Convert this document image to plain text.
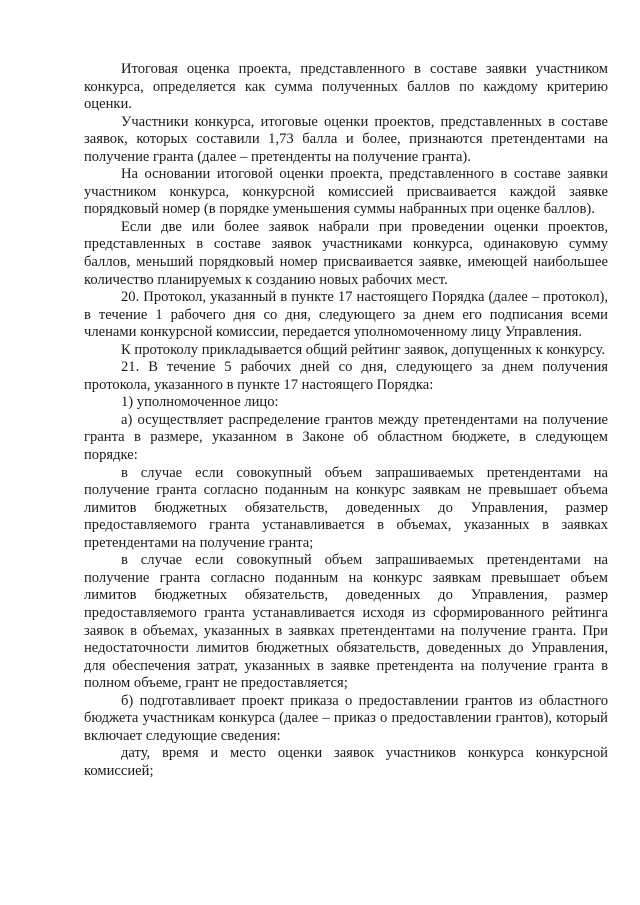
Итоговая оценка проекта, представленного в составе заявки участником конкурса, определяется как сумма полученных баллов по каждому критерию оценки.

Участники конкурса, итоговые оценки проектов, представленных в составе заявок, которых составили 1,73 балла и более, признаются претендентами на получение гранта (далее – претенденты на получение гранта).

На основании итоговой оценки проекта, представленного в составе заявки участником конкурса, конкурсной комиссией присваивается каждой заявке порядковый номер (в порядке уменьшения суммы набранных при оценке баллов).

Если две или более заявок набрали при проведении оценки проектов, представленных в составе заявок участниками конкурса, одинаковую сумму баллов, меньший порядковый номер присваивается заявке, имеющей наибольшее количество планируемых к созданию новых рабочих мест.

20. Протокол, указанный в пункте 17 настоящего Порядка (далее – протокол), в течение 1 рабочего дня со дня, следующего за днем его подписания всеми членами конкурсной комиссии, передается уполномоченному лицу Управления.

К протоколу прикладывается общий рейтинг заявок, допущенных к конкурсу.

21. В течение 5 рабочих дней со дня, следующего за днем получения протокола, указанного в пункте 17 настоящего Порядка:

1) уполномоченное лицо:

а) осуществляет распределение грантов между претендентами на получение гранта в размере, указанном в Законе об областном бюджете, в следующем порядке:

в случае если совокупный объем запрашиваемых претендентами на получение гранта согласно поданным на конкурс заявкам не превышает объема лимитов бюджетных обязательств, доведенных до Управления, размер предоставляемого гранта устанавливается в объемах, указанных в заявках претендентами на получение гранта;

в случае если совокупный объем запрашиваемых претендентами на получение гранта согласно поданным на конкурс заявкам превышает объем лимитов бюджетных обязательств, доведенных до Управления, размер предоставляемого гранта устанавливается исходя из сформированного рейтинга заявок в объемах, указанных в заявках претендентами на получение гранта. При недостаточности лимитов бюджетных обязательств, доведенных до Управления, для обеспечения затрат, указанных в заявке претендента на получение гранта в полном объеме, грант не предоставляется;

б) подготавливает проект приказа о предоставлении грантов из областного бюджета участникам конкурса (далее – приказ о предоставлении грантов), который включает следующие сведения:

дату, время и место оценки заявок участников конкурса конкурсной комиссией;
